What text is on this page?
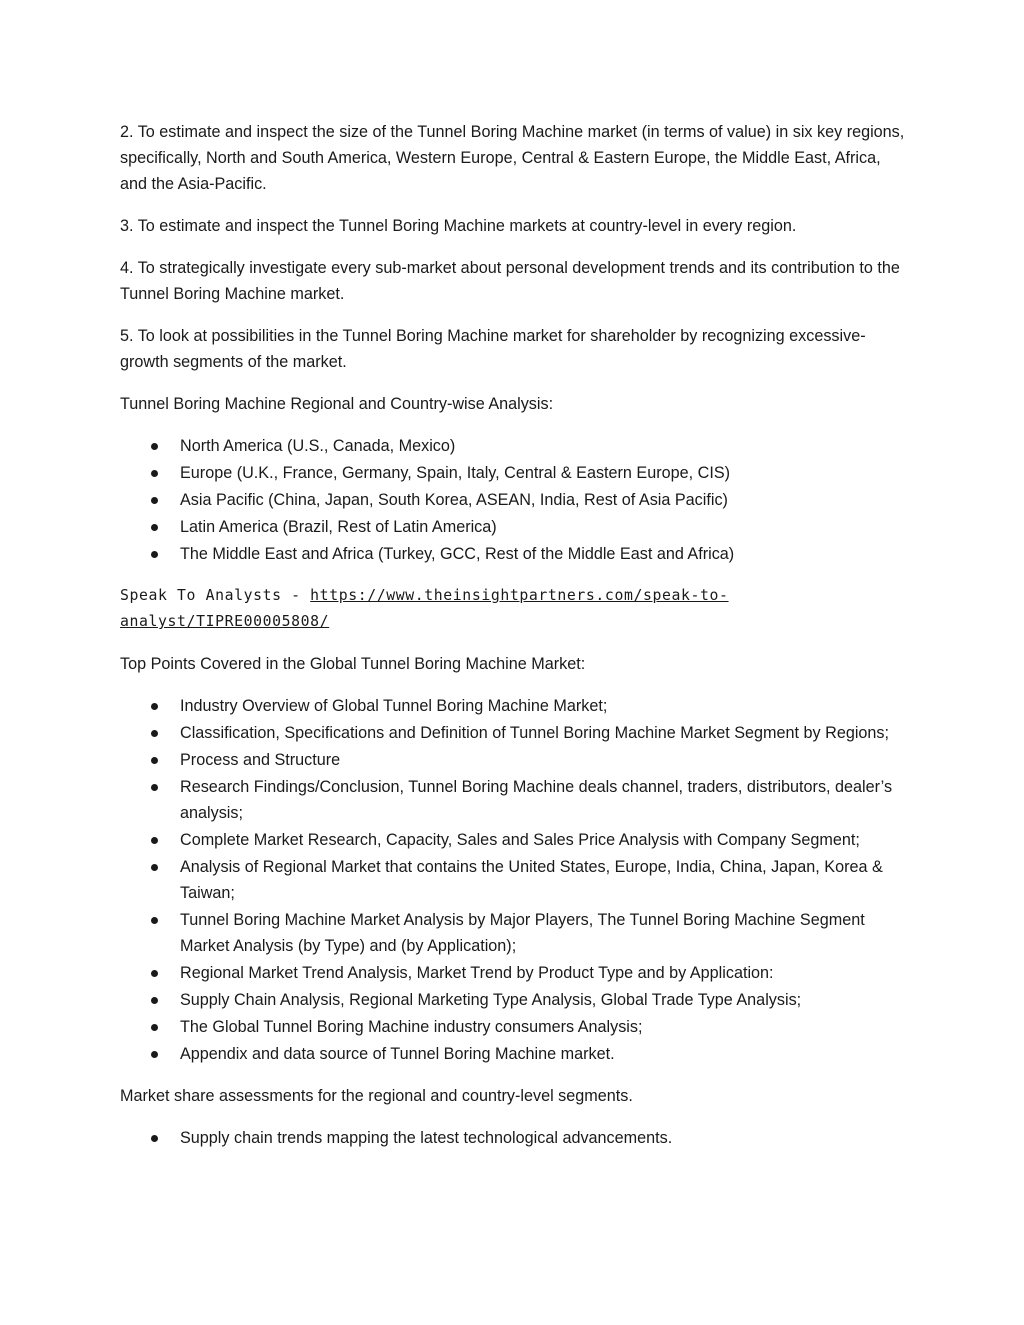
2. To estimate and inspect the size of the Tunnel Boring Machine market (in terms of value) in six key regions, specifically, North and South America, Western Europe, Central & Eastern Europe, the Middle East, Africa, and the Asia-Pacific.

3. To estimate and inspect the Tunnel Boring Machine markets at country-level in every region.

4. To strategically investigate every sub-market about personal development trends and its contribution to the Tunnel Boring Machine market.

5. To look at possibilities in the Tunnel Boring Machine market for shareholder by recognizing excessive-growth segments of the market.

Tunnel Boring Machine Regional and Country-wise Analysis:

North America (U.S., Canada, Mexico)
Europe (U.K., France, Germany, Spain, Italy, Central & Eastern Europe, CIS)
Asia Pacific (China, Japan, South Korea, ASEAN, India, Rest of Asia Pacific)
Latin America (Brazil, Rest of Latin America)
The Middle East and Africa (Turkey, GCC, Rest of the Middle East and Africa)

Speak To Analysts - https://www.theinsightpartners.com/speak-to-analyst/TIPRE00005808/

Top Points Covered in the Global Tunnel Boring Machine Market:

Industry Overview of Global Tunnel Boring Machine Market;
Classification, Specifications and Definition of Tunnel Boring Machine Market Segment by Regions;
Process and Structure
Research Findings/Conclusion, Tunnel Boring Machine deals channel, traders, distributors, dealer’s analysis;
Complete Market Research, Capacity, Sales and Sales Price Analysis with Company Segment;
Analysis of Regional Market that contains the United States, Europe, India, China, Japan, Korea & Taiwan;
Tunnel Boring Machine Market Analysis by Major Players, The Tunnel Boring Machine Segment Market Analysis (by Type) and (by Application);
Regional Market Trend Analysis, Market Trend by Product Type and by Application:
Supply Chain Analysis, Regional Marketing Type Analysis, Global Trade Type Analysis;
The Global Tunnel Boring Machine industry consumers Analysis;
Appendix and data source of Tunnel Boring Machine market.

Market share assessments for the regional and country-level segments.

Supply chain trends mapping the latest technological advancements.
